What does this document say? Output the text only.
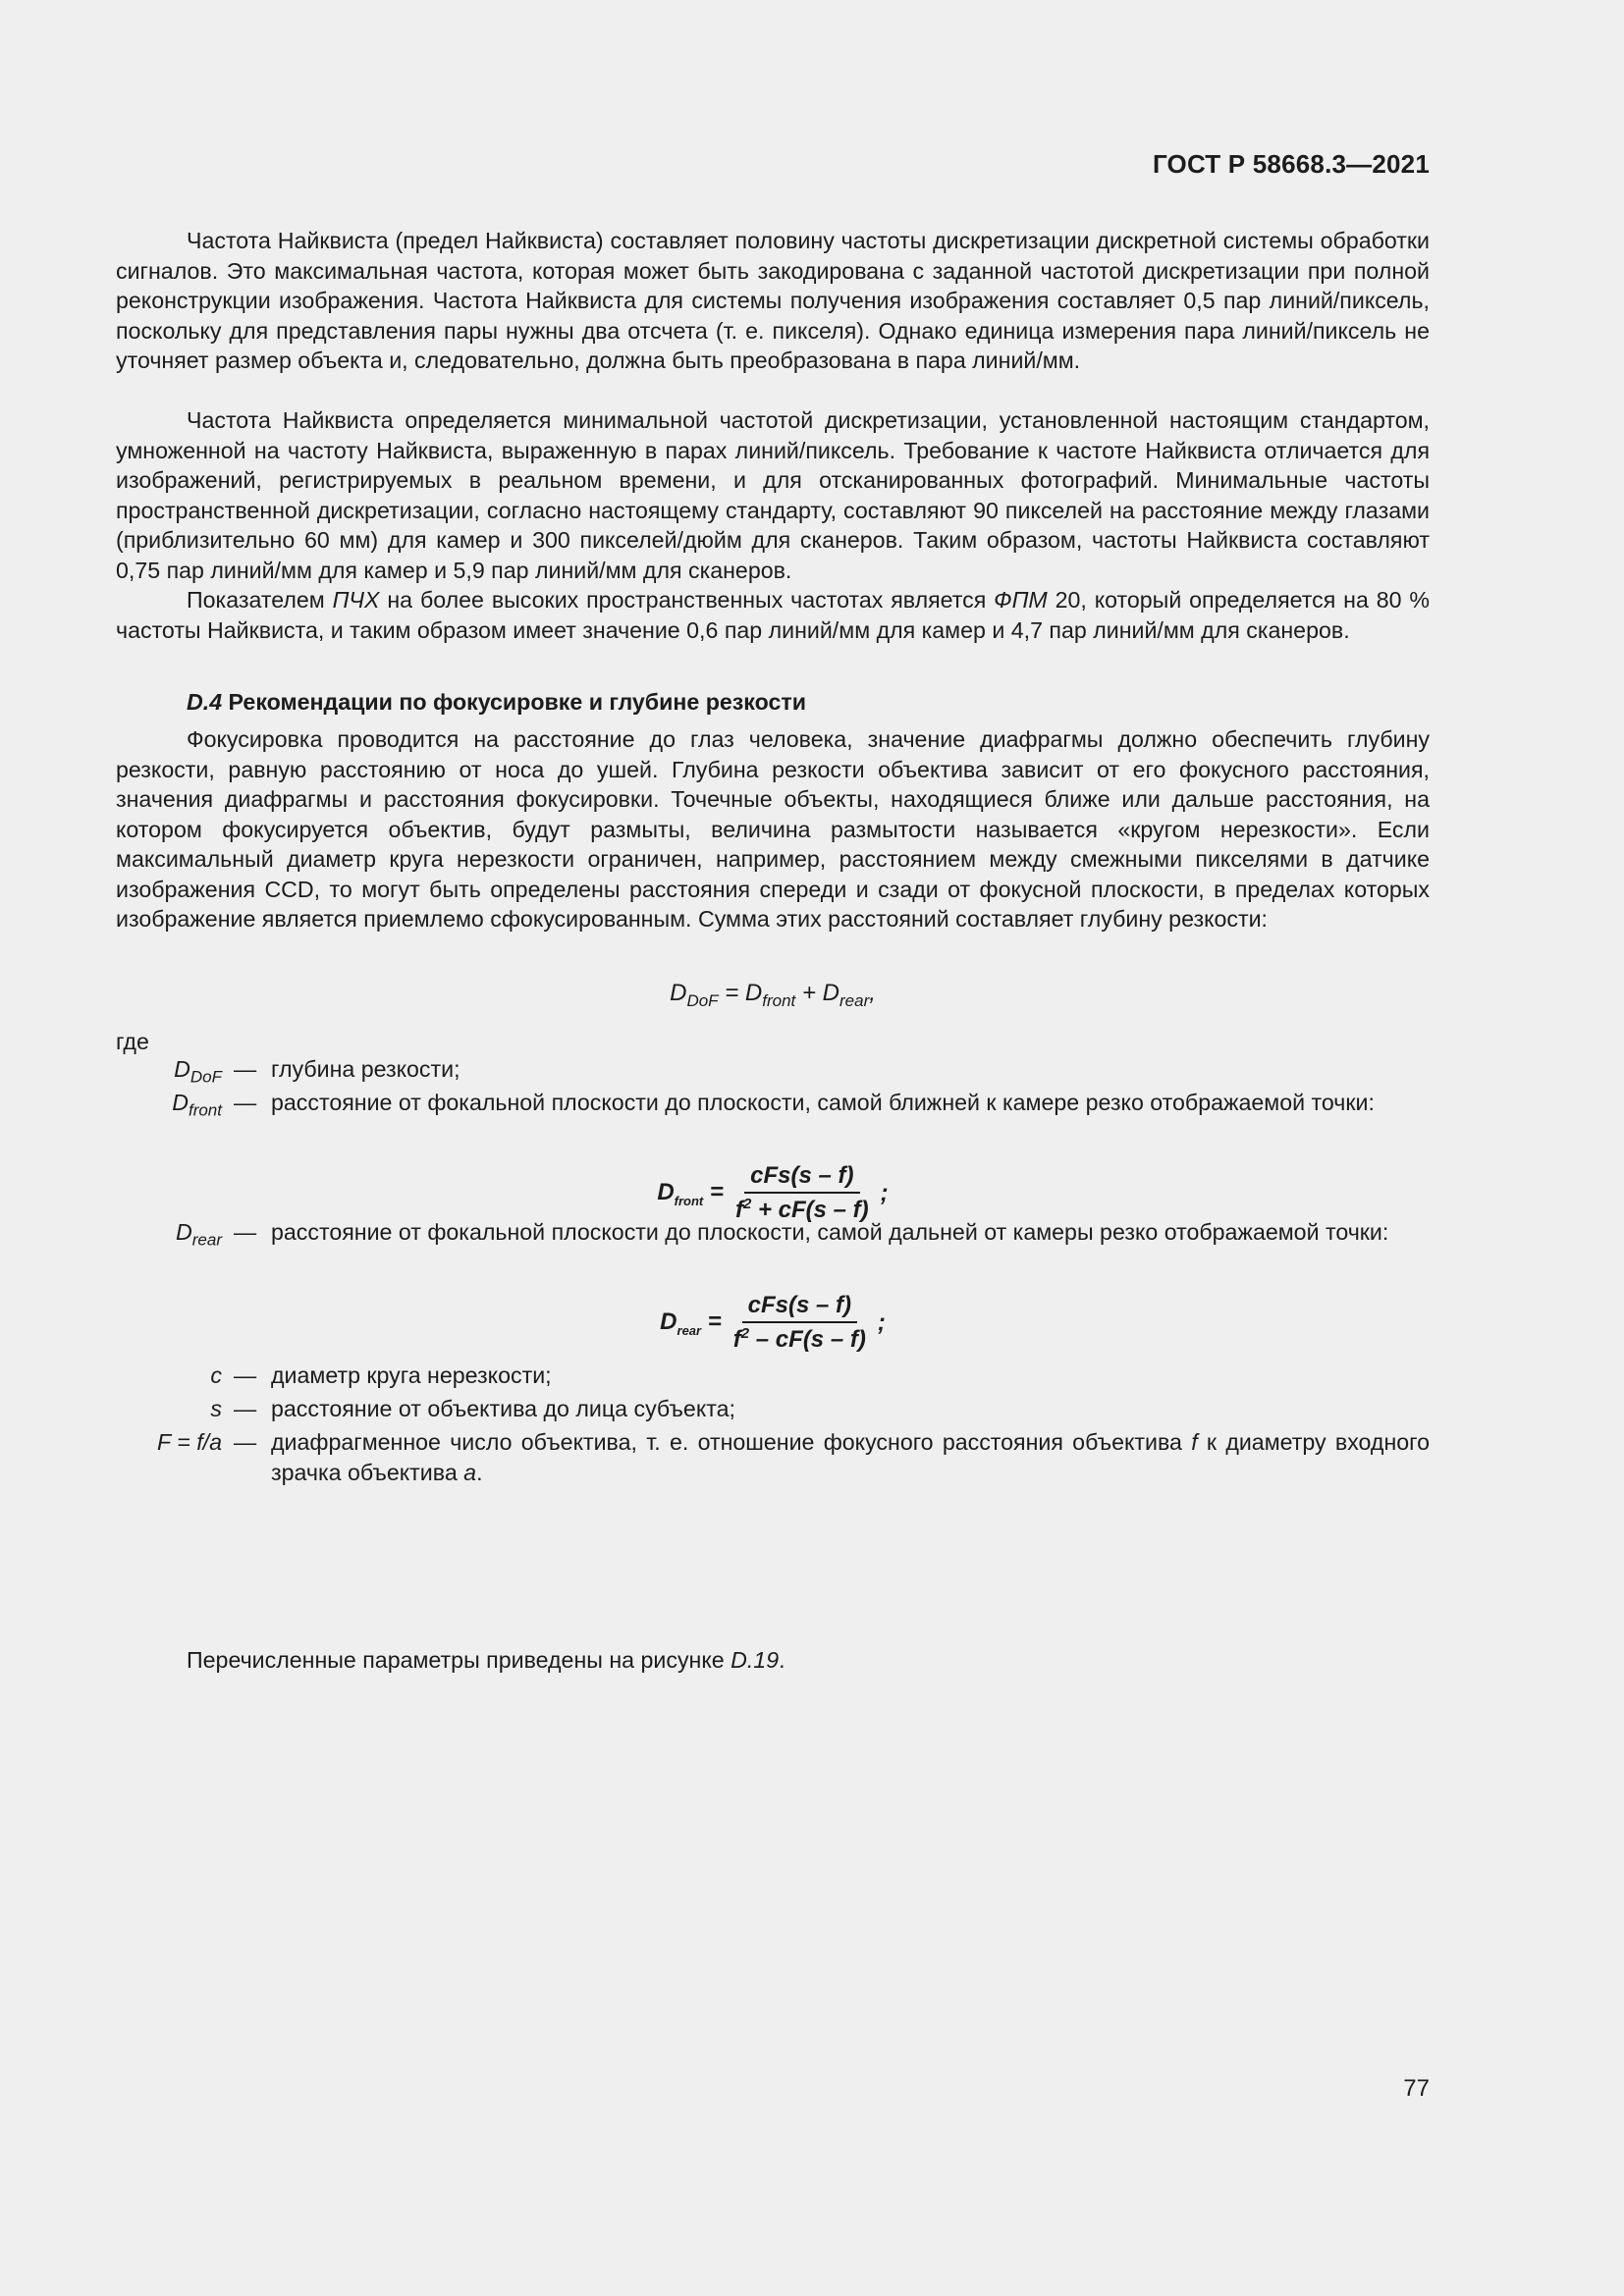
ГОСТ Р 58668.3—2021

Частота Найквиста (предел Найквиста) составляет половину частоты дискретизации дискретной системы обработки сигналов. Это максимальная частота, которая может быть закодирована с заданной частотой дискретизации при полной реконструкции изображения. Частота Найквиста для системы получения изображения составляет 0,5 пар линий/пиксель, поскольку для представления пары нужны два отсчета (т. е. пикселя). Однако единица измерения пара линий/пиксель не уточняет размер объекта и, следовательно, должна быть преобразована в пара линий/мм.

Частота Найквиста определяется минимальной частотой дискретизации, установленной настоящим стандартом, умноженной на частоту Найквиста, выраженную в парах линий/пиксель. Требование к частоте Найквиста отличается для изображений, регистрируемых в реальном времени, и для отсканированных фотографий. Минимальные частоты пространственной дискретизации, согласно настоящему стандарту, составляют 90 пикселей на расстояние между глазами (приблизительно 60 мм) для камер и 300 пикселей/дюйм для сканеров. Таким образом, частоты Найквиста составляют 0,75 пар линий/мм для камер и 5,9 пар линий/мм для сканеров.

Показателем ПЧХ на более высоких пространственных частотах является ФПМ 20, который определяется на 80 % частоты Найквиста, и таким образом имеет значение 0,6 пар линий/мм для камер и 4,7 пар линий/мм для сканеров.

D.4 Рекомендации по фокусировке и глубине резкости

Фокусировка проводится на расстояние до глаз человека, значение диафрагмы должно обеспечить глубину резкости, равную расстоянию от носа до ушей. Глубина резкости объектива зависит от его фокусного расстояния, значения диафрагмы и расстояния фокусировки. Точечные объекты, находящиеся ближе или дальше расстояния, на котором фокусируется объектив, будут размыты, величина размытости называется «кругом нерезкости». Если максимальный диаметр круга нерезкости ограничен, например, расстоянием между смежными пикселями в датчике изображения CCD, то могут быть определены расстояния спереди и сзади от фокусной плоскости, в пределах которых изображение является приемлемо сфокусированным. Сумма этих расстояний составляет глубину резкости:

$D_{DoF} = D_{front} + D_{rear}$,
где
$D_{DoF}$ — глубина резкости;
$D_{front}$ — расстояние от фокальной плоскости до плоскости, самой ближней к камере резко отображаемой точки:
$D_{front} = \frac{\text{cFs(s – f)}}{f^2 + cF(s - f)}$ ;
$D_{rear}$ — расстояние от фокальной плоскости до плоскости, самой дальней от камеры резко отображаемой точки:
$D_{rear} = \frac{\text{cFs(s – f)}}{f^2 - cF(s - f)}$ ;
c — диаметр круга нерезкости;
s — расстояние от объектива до лица субъекта;
F = f/a — диафрагменное число объектива, т. е. отношение фокусного расстояния объектива f к диаметру входного зрачка объектива a.
Перечисленные параметры приведены на рисунке D.19.
77
